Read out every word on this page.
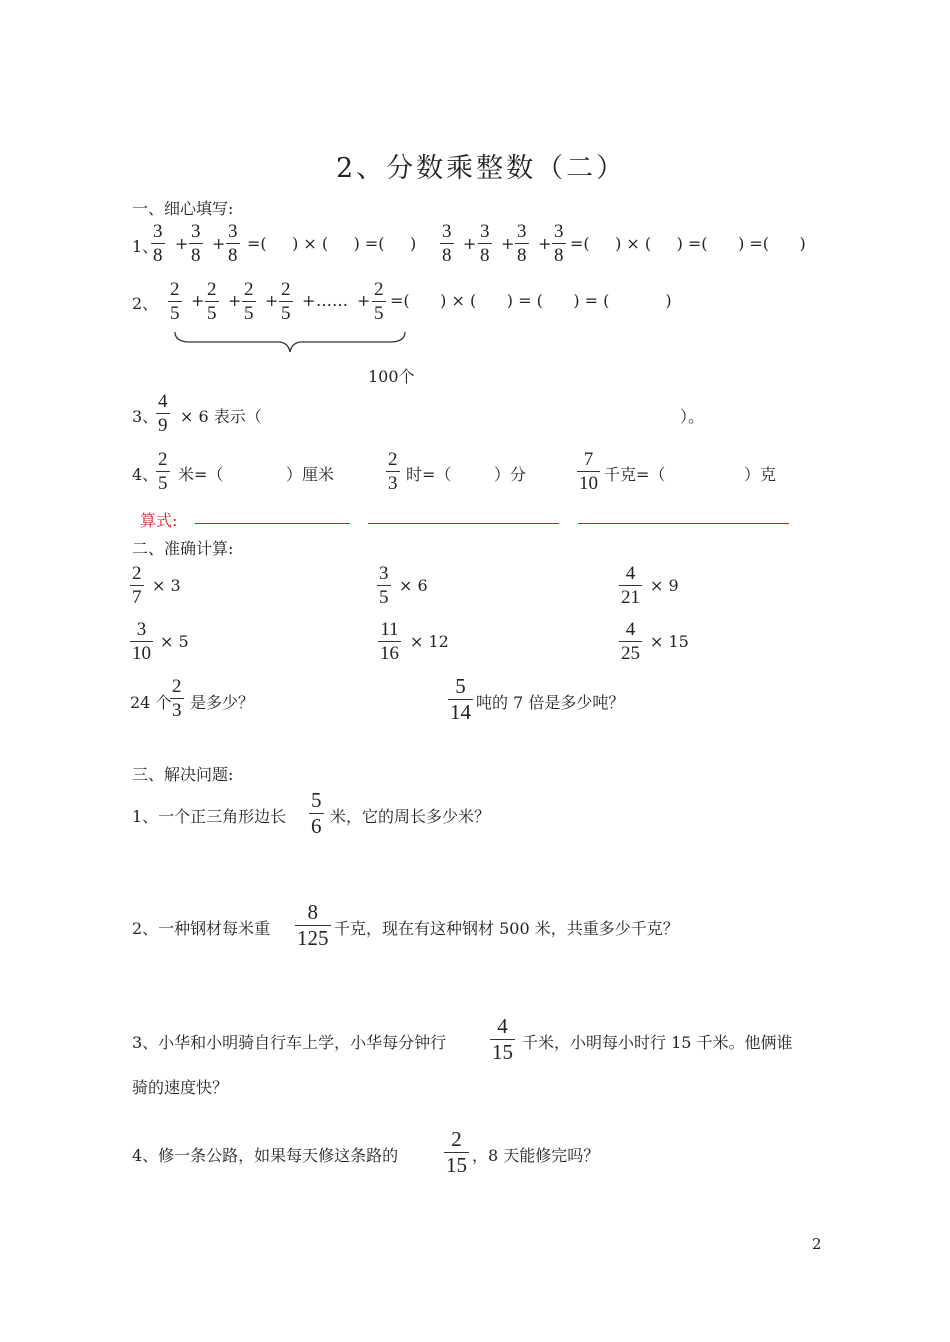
2、分数乘整数（二）
一、细心填写:
1、
$\frac{3}{8} + \frac{3}{8} + \frac{3}{8}$ =(     ) × (     ) =(     ) $\frac{3}{8} + \frac{3}{8} + \frac{3}{8} + \frac{3}{8}$ =(     ) × (     ) =(      ) =(      )
2、 $\frac{2}{5} + \frac{2}{5} + \frac{2}{5} + \frac{2}{5}$ + …… + $\frac{2}{5}$ =(      ) × (      ) = (      ) = (           )
100个
3、
$\frac{4}{9} \times 6$ 表示（	）。
4、
$\frac{2}{5}$ 米=（	）厘米	$\frac{2}{3}$ 时=（	）分	$\frac{7}{10}$ 千克=（	）克
算式:
二、准确计算:
$\frac{2}{7} \times 3$	$\frac{3}{5} \times 6$	$\frac{4}{21} \times 9$
$\frac{3}{10} \times 5$	$\frac{11}{16} \times 12$	$\frac{4}{25} \times 15$
24 个
$\frac{2}{3}$ 是多少？	$\frac{5}{14}$ 吨的 7 倍是多少吨？
三、解决问题:
1、一个正三角形边长 $\frac{5}{6}$ 米，它的周长多少米？
2、一种钢材每米重 $\frac{8}{125}$ 千克，现在有这种钢材 500 米，共重多少千克？
3、小华和小明骑自行车上学，小华每分钟行 $\frac{4}{15}$ 千米，小明每小时行 15 千米。他俩谁
骑的速度快？
4、修一条公路，如果每天修这条路的 $\frac{2}{15}$ ，8 天能修完吗？
2
